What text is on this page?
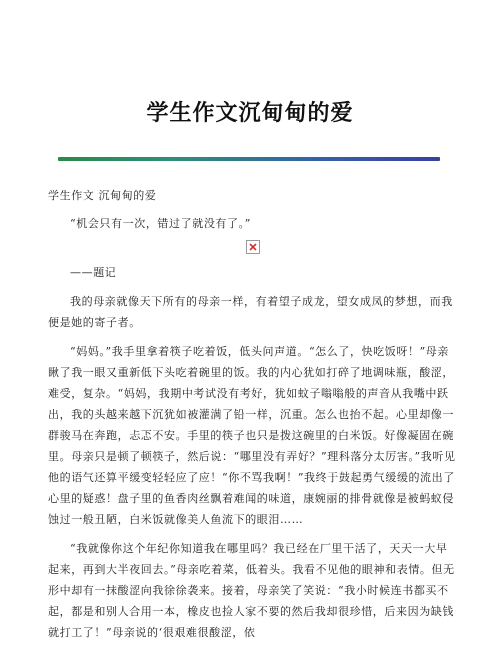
学生作文沉甸甸的爱

学生作文 沉甸甸的爱

“机会只有一次，错过了就没有了。”

——题记

我的母亲就像天下所有的母亲一样，有着望子成龙，望女成凤的梦想，而我便是她的寄子者。

“妈妈。”我手里拿着筷子吃着饭，低头问声道。“怎么了，快吃饭呀！”母亲瞅了我一眼又重新低下头吃着碗里的饭。我的内心犹如打碎了地调味瓶，酸涩，难受，复杂。“妈妈，我期中考试没有考好，犹如蚊子嗡嗡般的声音从我嘴中跃出，我的头越来越下沉犹如被灌满了铅一样，沉重。怎么也抬不起。心里却像一群骏马在奔跑，忐忑不安。手里的筷子也只是拨这碗里的白米饭。好像凝固在碗里。母亲只是顿了顿筷子，然后说：“哪里没有弄好？”理科落分太厉害。”我听见他的语气还算平缓变轻轻应了应！“你不骂我啊！”我终于鼓起勇气缓缓的流出了心里的疑惑！盘子里的鱼香肉丝飘着难闻的味道，康婉丽的排骨就像是被蚂蚁侵蚀过一般丑陋，白米饭就像美人鱼流下的眼泪……

“我就像你这个年纪你知道我在哪里吗？我已经在厂里干活了，天天一大早起来，再到大半夜回去。”母亲吃着菜，低着头。我看不见他的眼神和表情。但无形中却有一抹酸涩向我徐徐袭来。接着，母亲笑了笑说：“我小时候连书都买不起，都是和别人合用一本，橡皮也捡人家不要的然后我却很珍惜，后来因为缺钱就打工了！”母亲说的‘很艰难很酸涩，依
